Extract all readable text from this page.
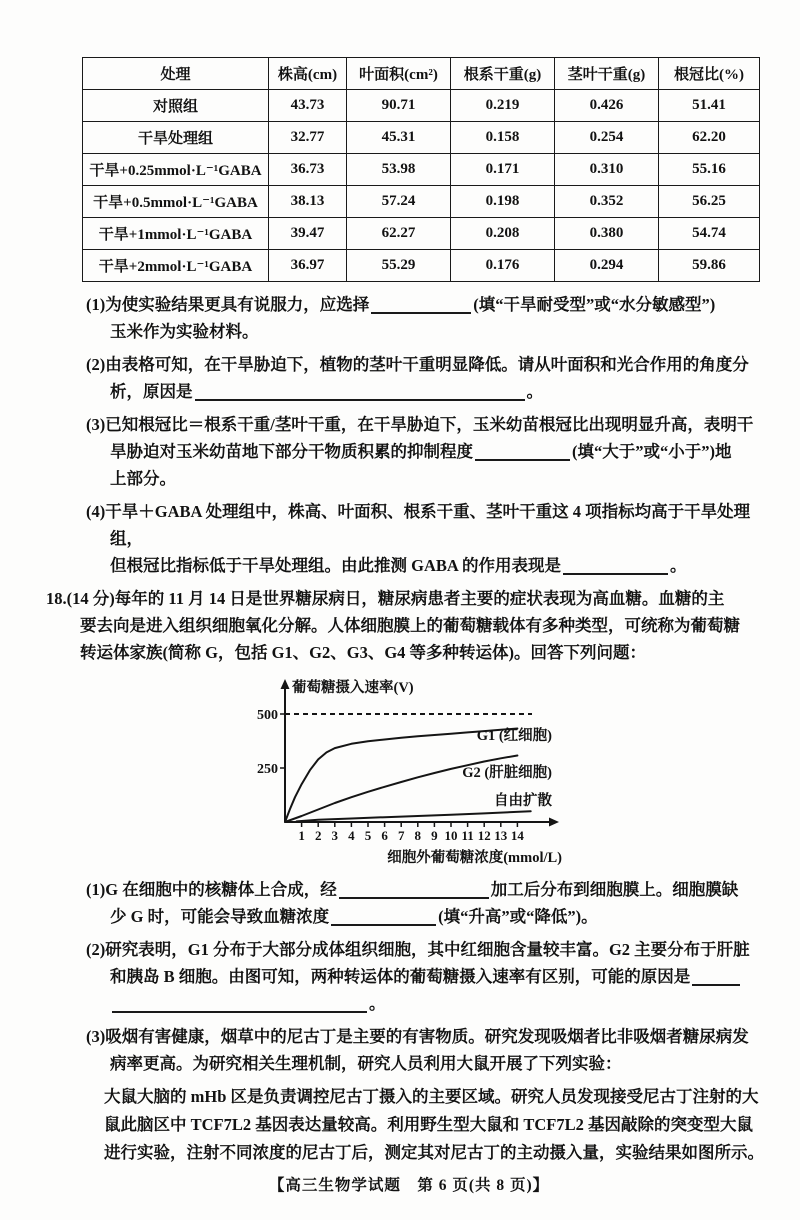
处理	株高(cm)	叶面积(cm²)	根系干重(g)	茎叶干重(g)	根冠比(%)
对照组	43.73	90.71	0.219	0.426	51.41
干旱处理组	32.77	45.31	0.158	0.254	62.20
干旱+0.25mmol·L⁻¹GABA	36.73	53.98	0.171	0.310	55.16
干旱+0.5mmol·L⁻¹GABA	38.13	57.24	0.198	0.352	56.25
干旱+1mmol·L⁻¹GABA	39.47	62.27	0.208	0.380	54.74
干旱+2mmol·L⁻¹GABA	36.97	55.29	0.176	0.294	59.86
(1)为使实验结果更具有说服力，应选择	(填“干旱耐受型”或“水分敏感型”)
玉米作为实验材料。
(2)由表格可知，在干旱胁迫下，植物的茎叶干重明显降低。请从叶面积和光合作用的角度分
析，原因是	。
(3)已知根冠比＝根系干重/茎叶干重，在干旱胁迫下，玉米幼苗根冠比出现明显升高，表明干
旱胁迫对玉米幼苗地下部分干物质积累的抑制程度	(填“大于”或“小于”)地
上部分。
(4)干旱＋GABA 处理组中，株高、叶面积、根系干重、茎叶干重这 4 项指标均高于干旱处理组，
但根冠比指标低于干旱处理组。由此推测 GABA 的作用表现是	。
18.(14 分)每年的 11 月 14 日是世界糖尿病日，糖尿病患者主要的症状表现为高血糖。血糖的主
要去向是进入组织细胞氧化分解。人体细胞膜上的葡萄糖载体有多种类型，可统称为葡萄糖
转运体家族(简称 G，包括 G1、G2、G3、G4 等多种转运体)。回答下列问题：
1 2 3 4 5 6 7 8 9 10 11 12 13 14
250
500
葡萄糖摄入速率(V)
细胞外葡萄糖浓度(mmol/L)
G1 (红细胞)
G2 (肝脏细胞)
自由扩散
(1)G 在细胞中的核糖体上合成，经	加工后分布到细胞膜上。细胞膜缺
少 G 时，可能会导致血糖浓度	(填“升高”或“降低”)。
(2)研究表明，G1 分布于大部分成体组织细胞，其中红细胞含量较丰富。G2 主要分布于肝脏
和胰岛 B 细胞。由图可知，两种转运体的葡萄糖摄入速率有区别，可能的原因是
。
(3)吸烟有害健康，烟草中的尼古丁是主要的有害物质。研究发现吸烟者比非吸烟者糖尿病发
病率更高。为研究相关生理机制，研究人员利用大鼠开展了下列实验：
大鼠大脑的 mHb 区是负责调控尼古丁摄入的主要区域。研究人员发现接受尼古丁注射的大
鼠此脑区中 TCF7L2 基因表达量较高。利用野生型大鼠和 TCF7L2 基因敲除的突变型大鼠
进行实验，注射不同浓度的尼古丁后，测定其对尼古丁的主动摄入量，实验结果如图所示。
【高三生物学试题　第 6 页(共 8 页)】
